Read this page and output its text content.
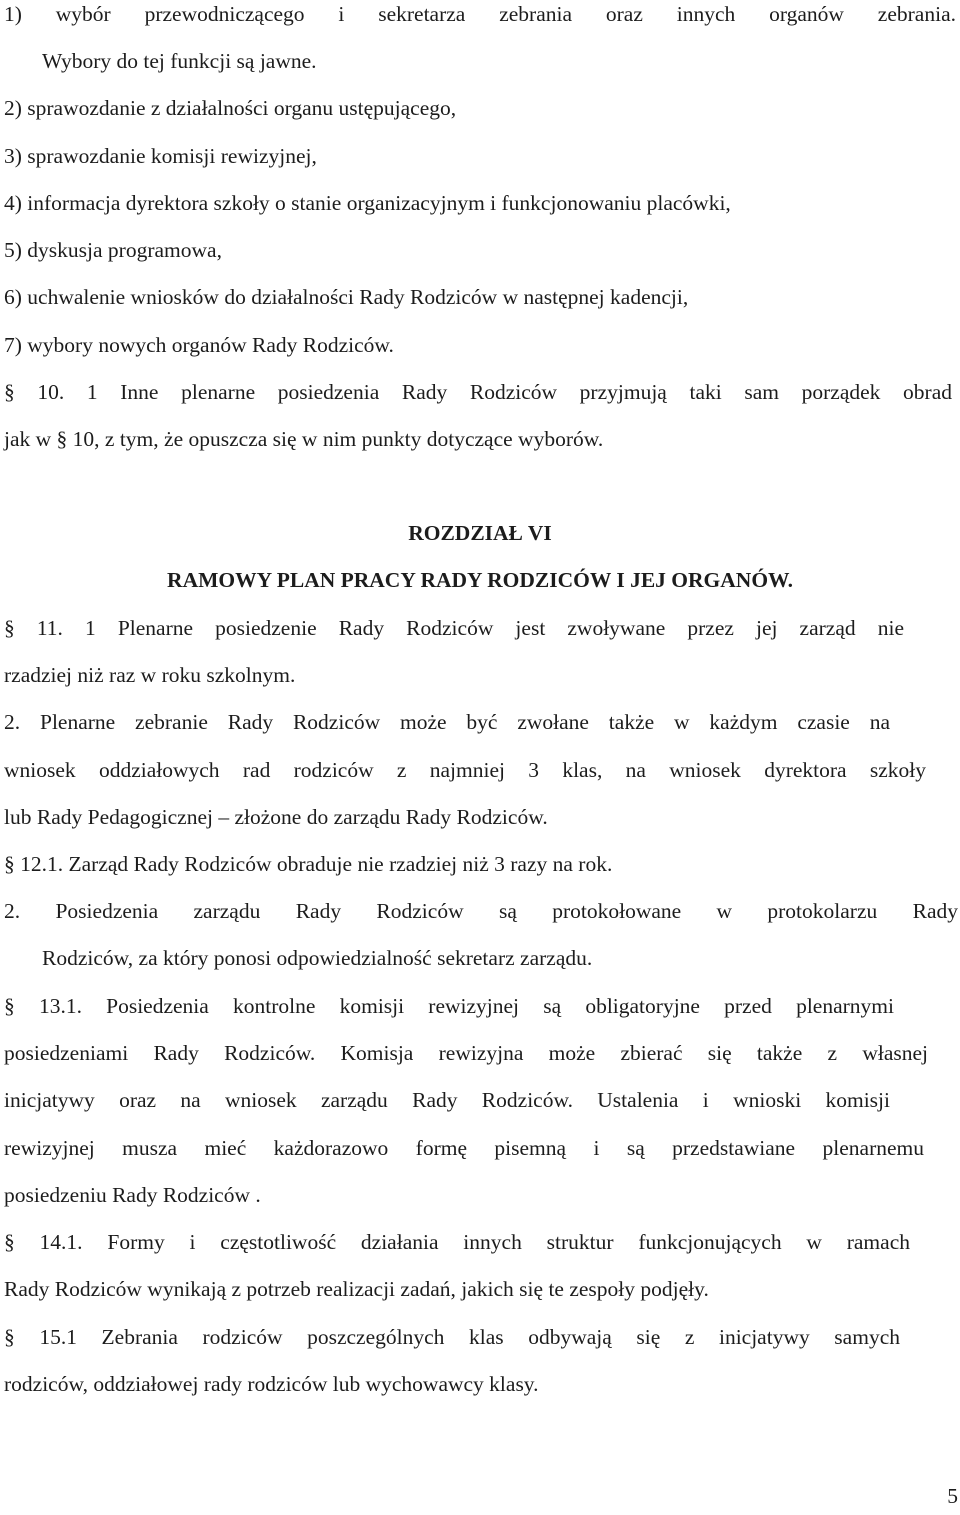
1) wybór przewodniczącego i sekretarza zebrania oraz innych organów zebrania.
Wybory do tej funkcji są jawne.
2) sprawozdanie z działalności organu ustępującego,
3) sprawozdanie komisji rewizyjnej,
4) informacja dyrektora szkoły o stanie organizacyjnym i funkcjonowaniu placówki,
5) dyskusja programowa,
6) uchwalenie wniosków do działalności Rady Rodziców w następnej kadencji,
7) wybory nowych organów Rady Rodziców.
§ 10. 1 Inne plenarne posiedzenia Rady Rodziców przyjmują taki sam porządek obrad
jak w § 10, z tym, że opuszcza się w nim punkty dotyczące wyborów.
ROZDZIAŁ VI
RAMOWY PLAN PRACY RADY RODZICÓW I JEJ ORGANÓW.
§ 11. 1 Plenarne posiedzenie Rady Rodziców jest zwoływane przez jej zarząd nie
rzadziej niż raz w roku szkolnym.
2. Plenarne zebranie Rady Rodziców może być zwołane także w każdym czasie na
wniosek oddziałowych rad rodziców z najmniej 3 klas, na wniosek dyrektora szkoły
lub Rady Pedagogicznej – złożone do zarządu Rady Rodziców.
§ 12.1. Zarząd Rady Rodziców obraduje nie rzadziej niż 3 razy na rok.
2. Posiedzenia zarządu Rady Rodziców są protokołowane w protokolarzu Rady
Rodziców, za który ponosi odpowiedzialność sekretarz zarządu.
§ 13.1. Posiedzenia kontrolne komisji rewizyjnej są obligatoryjne przed plenarnymi
posiedzeniami Rady Rodziców. Komisja rewizyjna może zbierać się także z własnej
inicjatywy oraz na wniosek zarządu Rady Rodziców. Ustalenia i wnioski komisji
rewizyjnej musza mieć każdorazowo formę pisemną i są przedstawiane plenarnemu
posiedzeniu Rady Rodziców .
§ 14.1. Formy i częstotliwość działania innych struktur funkcjonujących w ramach
Rady Rodziców wynikają z potrzeb realizacji zadań, jakich się te zespoły podjęły.
§ 15.1 Zebrania rodziców poszczególnych klas odbywają się z inicjatywy samych
rodziców, oddziałowej rady rodziców lub wychowawcy klasy.
5
